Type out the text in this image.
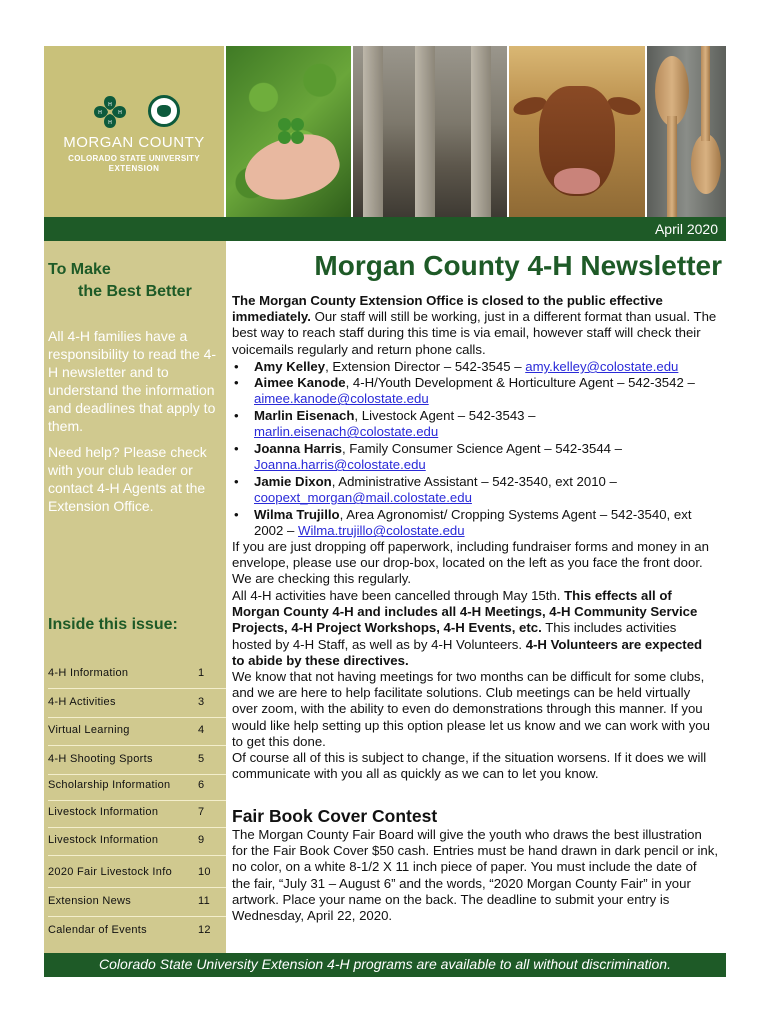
H
H
H	H
MORGAN COUNTY
COLORADO STATE UNIVERSITY
EXTENSION
April 2020
To Make
the Best Better
All 4-H families have a responsibility to read the 4-H newsletter and to understand the information and deadlines that apply to them.
Need help? Please check with your club leader or contact 4-H Agents at the Extension Office.
Inside this issue:
4-H Information	1
4-H Activities	3
Virtual Learning	4
4-H Shooting Sports	5
Scholarship Information	6
Livestock Information	7
Livestock Information	9
2020 Fair Livestock Info 10
Extension News	11
Calendar of Events	12
Morgan County 4-H Newsletter
The Morgan County Extension Office is closed to the public effective immediately. Our staff will still be working, just in a different format than usual. The best way to reach staff during this time is via email, however staff will check their voicemails regularly and return phone calls.
• Amy Kelley, Extension Director – 542-3545 – amy.kelley@colostate.edu
• Aimee Kanode, 4-H/Youth Development & Horticulture Agent – 542-3542 – aimee.kanode@colostate.edu
• Marlin Eisenach, Livestock Agent – 542-3543 – marlin.eisenach@colostate.edu
• Joanna Harris, Family Consumer Science Agent – 542-3544 – Joanna.harris@colostate.edu
• Jamie Dixon, Administrative Assistant – 542-3540, ext 2010 – coopext_morgan@mail.colostate.edu
• Wilma Trujillo, Area Agronomist/ Cropping Systems Agent – 542-3540, ext 2002 – Wilma.trujillo@colostate.edu
If you are just dropping off paperwork, including fundraiser forms and money in an envelope, please use our drop-box, located on the left as you face the front door. We are checking this regularly.
All 4-H activities have been cancelled through May 15th. This effects all of Morgan County 4-H and includes all 4-H Meetings, 4-H Community Service Projects, 4-H Project Workshops, 4-H Events, etc. This includes activities hosted by 4-H Staff, as well as by 4-H Volunteers. 4-H Volunteers are expected to abide by these directives.
We know that not having meetings for two months can be difficult for some clubs, and we are here to help facilitate solutions. Club meetings can be held virtually over zoom, with the ability to even do demonstrations through this manner. If you would like help setting up this option please let us know and we can work with you to get this done.
Of course all of this is subject to change, if the situation worsens. If it does we will communicate with you all as quickly as we can to let you know.
Fair Book Cover Contest
The Morgan County Fair Board will give the youth who draws the best illustration for the Fair Book Cover $50 cash. Entries must be hand drawn in dark pencil or ink, no color, on a white 8-1/2 X 11 inch piece of paper. You must include the date of the fair, “July 31 – August 6” and the words, “2020 Morgan County Fair” in your artwork. Place your name on the back. The deadline to submit your entry is Wednesday, April 22, 2020.
Colorado State University Extension 4-H programs are available to all without discrimination.
